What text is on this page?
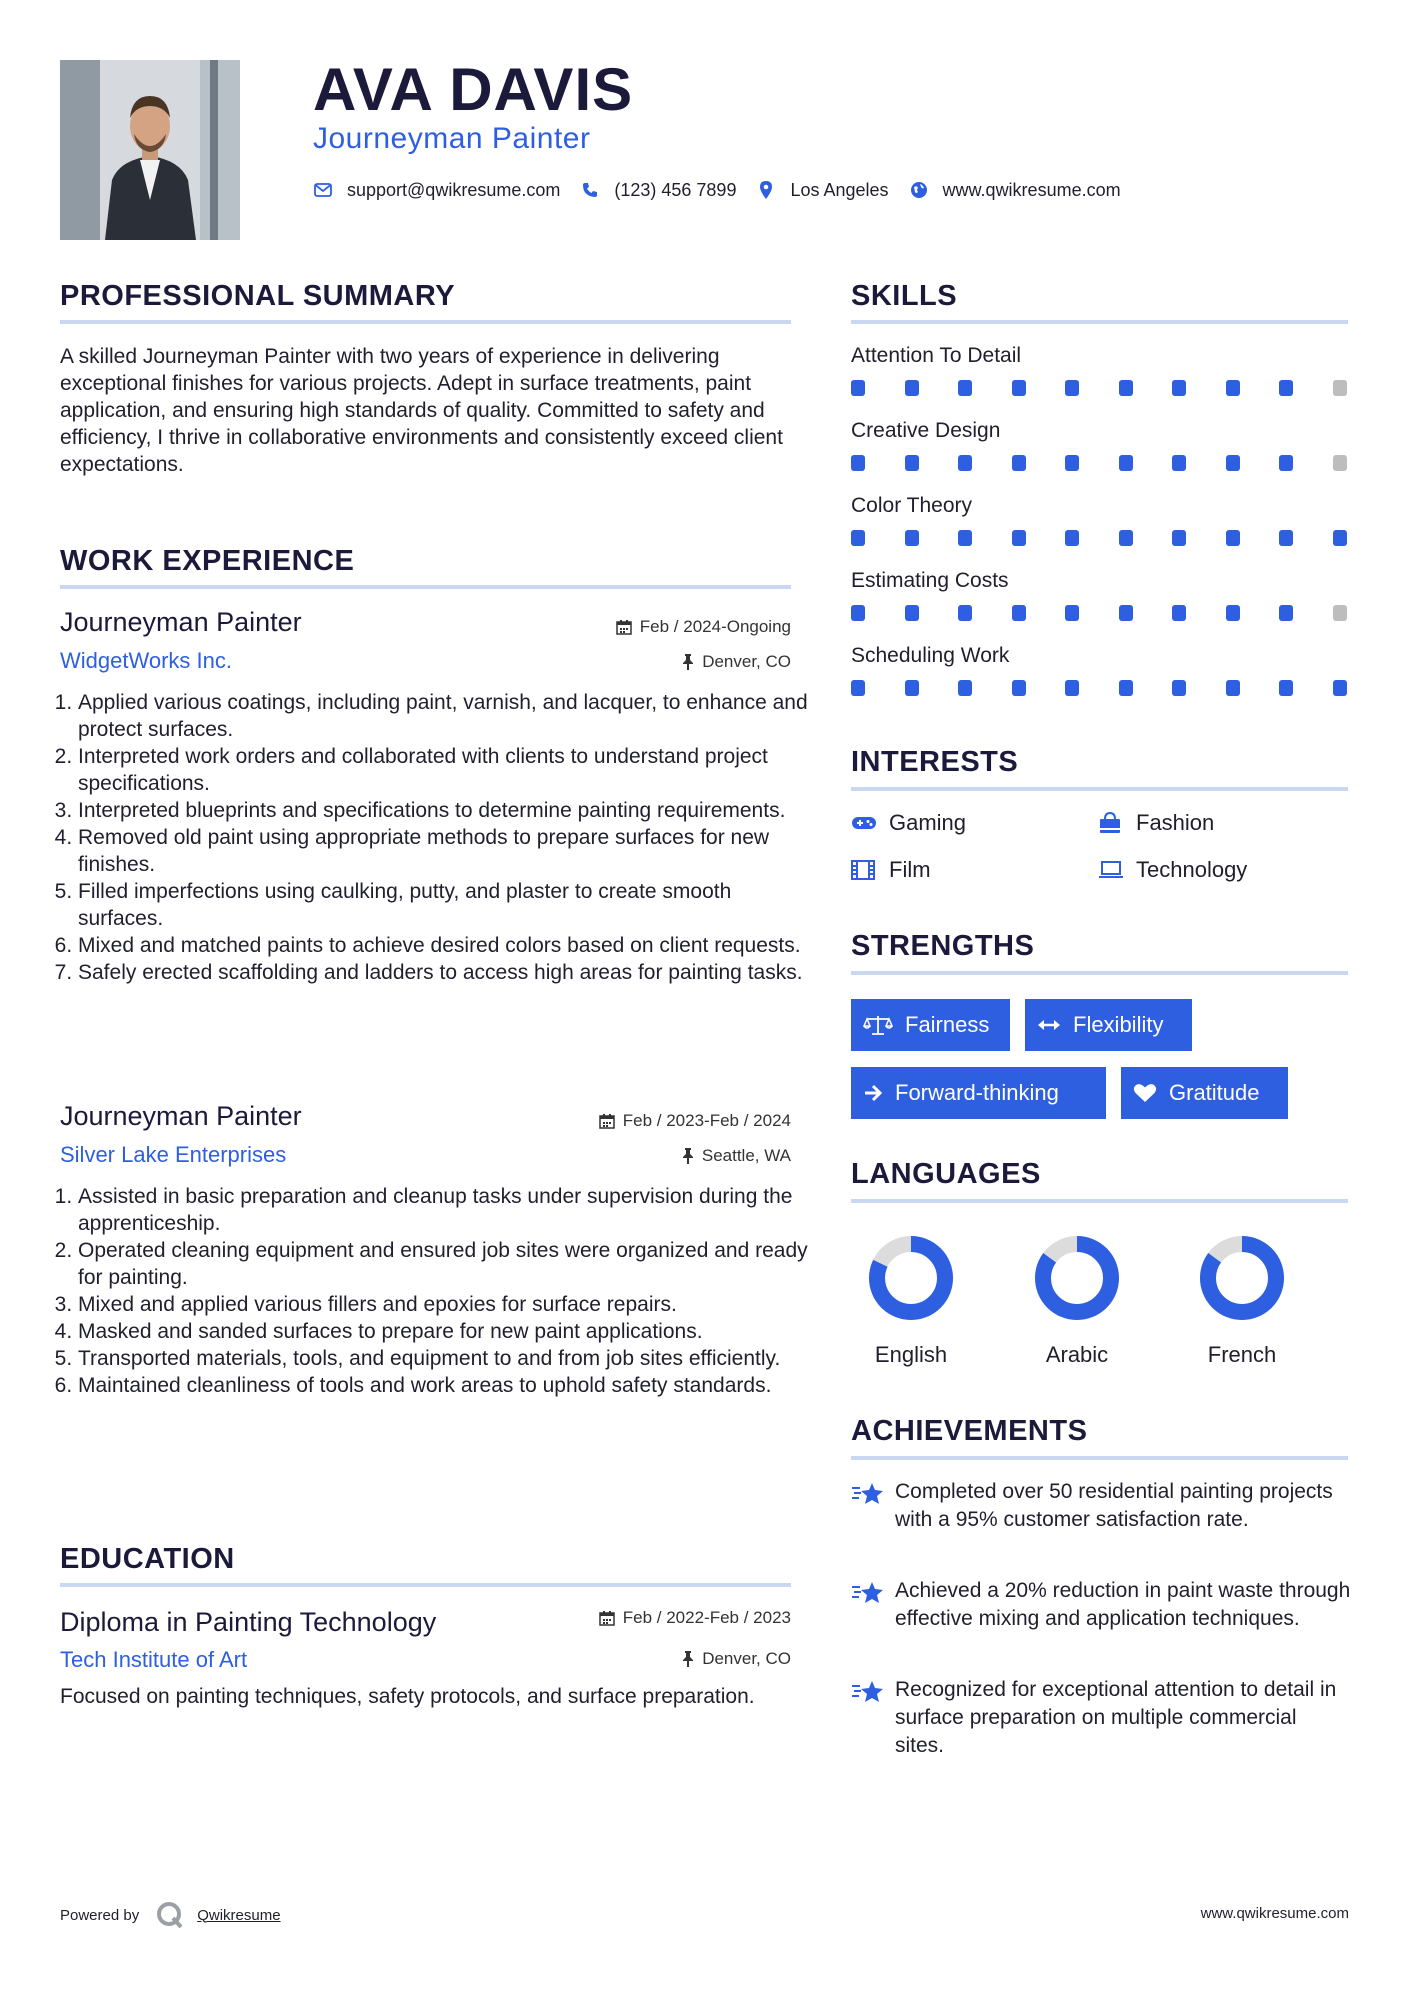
AVA DAVIS
Journeyman Painter
support@qwikresume.com	(123) 456 7899	Los Angeles	www.qwikresume.com
PROFESSIONAL SUMMARY
A skilled Journeyman Painter with two years of experience in delivering exceptional finishes for various projects. Adept in surface treatments, paint application, and ensuring high standards of quality. Committed to safety and efficiency, I thrive in collaborative environments and consistently exceed client expectations.
WORK EXPERIENCE
Journeyman Painter	Feb / 2024-Ongoing
WidgetWorks Inc.	Denver, CO
1. Applied various coatings, including paint, varnish, and lacquer, to enhance and protect surfaces.
2. Interpreted work orders and collaborated with clients to understand project specifications.
3. Interpreted blueprints and specifications to determine painting requirements.
4. Removed old paint using appropriate methods to prepare surfaces for new finishes.
5. Filled imperfections using caulking, putty, and plaster to create smooth surfaces.
6. Mixed and matched paints to achieve desired colors based on client requests.
7. Safely erected scaffolding and ladders to access high areas for painting tasks.
Journeyman Painter	Feb / 2023-Feb / 2024
Silver Lake Enterprises	Seattle, WA
1. Assisted in basic preparation and cleanup tasks under supervision during the apprenticeship.
2. Operated cleaning equipment and ensured job sites were organized and ready for painting.
3. Mixed and applied various fillers and epoxies for surface repairs.
4. Masked and sanded surfaces to prepare for new paint applications.
5. Transported materials, tools, and equipment to and from job sites efficiently.
6. Maintained cleanliness of tools and work areas to uphold safety standards.
EDUCATION
Diploma in Painting Technology	Feb / 2022-Feb / 2023
Tech Institute of Art	Denver, CO
Focused on painting techniques, safety protocols, and surface preparation.
SKILLS
Attention To Detail
Creative Design
Color Theory
Estimating Costs
Scheduling Work
INTERESTS
Gaming	Fashion
Film	Technology
STRENGTHS
Fairness	Flexibility
Forward-thinking	Gratitude
LANGUAGES
English	Arabic	French
ACHIEVEMENTS
Completed over 50 residential painting projects with a 95% customer satisfaction rate.
Achieved a 20% reduction in paint waste through effective mixing and application techniques.
Recognized for exceptional attention to detail in surface preparation on multiple commercial sites.
Powered by	Qwikresume	www.qwikresume.com
